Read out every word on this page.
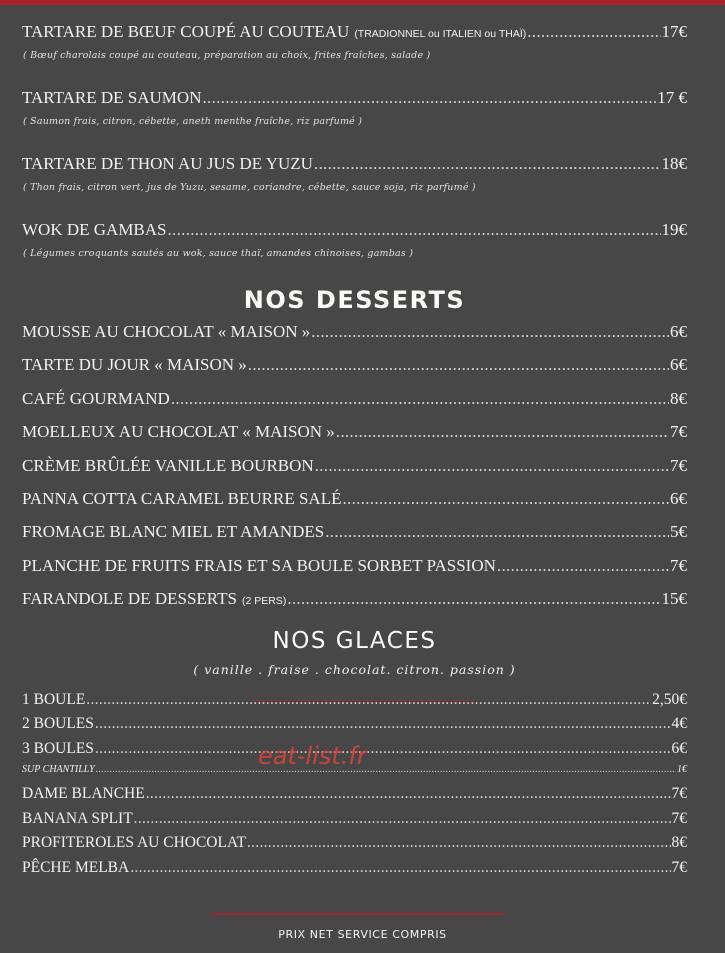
TARTARE DE BŒUF COUPÉ AU COUTEAU (TRADIONNEL ou ITALIEN ou THAÏ) .....	17€
( Bœuf charolais coupé au couteau, préparation au choix, frites fraîches, salade )
TARTARE DE SAUMON .....	17 €
( Saumon frais, citron, cébette, aneth menthe fraîche, riz parfumé )
TARTARE DE THON AU JUS DE YUZU .....	18€
( Thon frais, citron vert, jus de Yuzu, sesame, coriandre, cébette, sauce soja, riz parfumé )
WOK DE GAMBAS .....	19€
( Légumes croquants sautés au wok, sauce thaï, amandes chinoises, gambas )
NOS DESSERTS
MOUSSE AU CHOCOLAT « MAISON » .....	6€
TARTE DU JOUR « MAISON » .....	6€
CAFÉ GOURMAND .....	8€
MOELLEUX AU CHOCOLAT « MAISON » .....	7€
CRÈME BRÛLÉE VANILLE BOURBON .....	7€
PANNA COTTA CARAMEL BEURRE SALÉ .....	6€
FROMAGE BLANC MIEL ET AMANDES .....	5€
PLANCHE DE FRUITS FRAIS ET SA BOULE SORBET PASSION .....	7€
FARANDOLE DE DESSERTS (2 PERS) .....	15€
NOS GLACES
( vanille . fraise . chocolat. citron. passion )
1 BOULE .....	2,50€
2 BOULES .....	4€
3 BOULES .....	6€
SUP CHANTILLY .....	1€
DAME BLANCHE .....	7€
BANANA SPLIT .....	7€
PROFITEROLES AU CHOCOLAT .....	8€
PÊCHE MELBA .....	7€
eat-list.fr
PRIX NET SERVICE COMPRIS
